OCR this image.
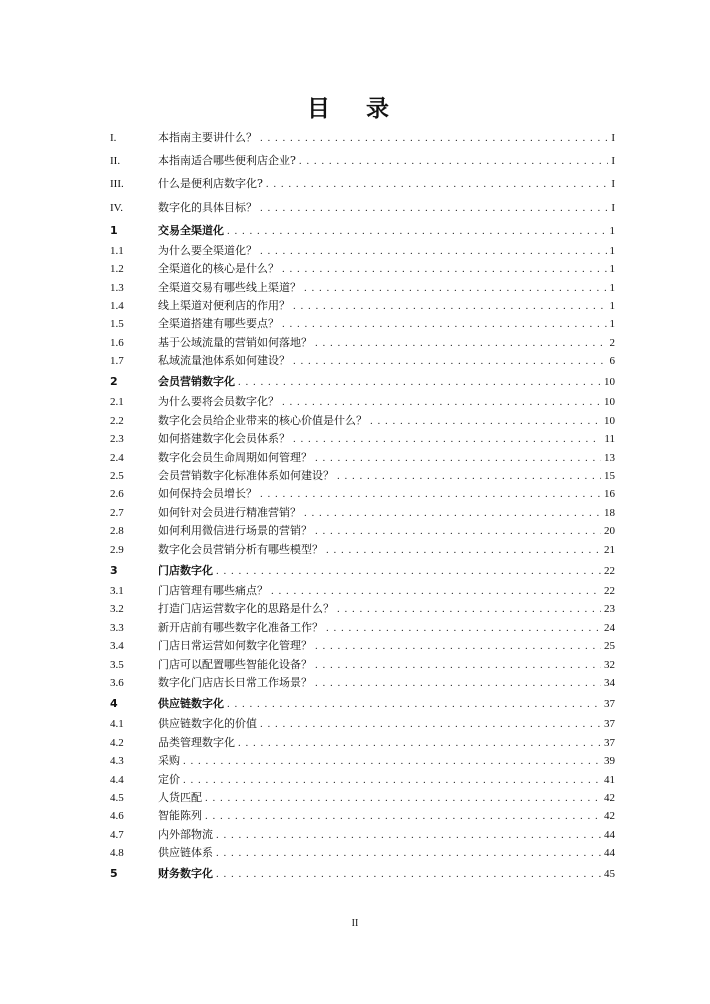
目 录
I.	本指南主要讲什么？ . . .	I
II.	本指南适合哪些便利店企业? . . .	I
III.	什么是便利店数字化? . . .	I
IV.	数字化的具体目标？ . . .	I
1	交易全渠道化 . . .	1
1.1	为什么要全渠道化？ . . .	1
1.2	全渠道化的核心是什么？ . . .	1
1.3	全渠道交易有哪些线上渠道？ . . .	1
1.4	线上渠道对便利店的作用？ . . .	1
1.5	全渠道搭建有哪些要点？ . . .	1
1.6	基于公域流量的营销如何落地？ . . .	2
1.7	私域流量池体系如何建设？ . . .	6
2	会员营销数字化 . . .	10
2.1	为什么要将会员数字化？ . . .	10
2.2	数字化会员给企业带来的核心价值是什么？ . . .	10
2.3	如何搭建数字化会员体系？ . . .	11
2.4	数字化会员生命周期如何管理？ . . .	13
2.5	会员营销数字化标准体系如何建设？ . . .	15
2.6	如何保持会员增长？ . . .	16
2.7	如何针对会员进行精准营销？ . . .	18
2.8	如何利用微信进行场景的营销？ . . .	20
2.9	数字化会员营销分析有哪些模型？ . . .	21
3	门店数字化 . . .	22
3.1	门店管理有哪些痛点？ . . .	22
3.2	打造门店运营数字化的思路是什么？ . . .	23
3.3	新开店前有哪些数字化准备工作？ . . .	24
3.4	门店日常运营如何数字化管理？ . . .	25
3.5	门店可以配置哪些智能化设备？ . . .	32
3.6	数字化门店店长日常工作场景？ . . .	34
4	供应链数字化 . . .	37
4.1	供应链数字化的价值 . . .	37
4.2	品类管理数字化 . . .	37
4.3	采购 . . .	39
4.4	定价 . . .	41
4.5	人货匹配 . . .	42
4.6	智能陈列 . . .	42
4.7	内外部物流 . . .	44
4.8	供应链体系 . . .	44
5	财务数字化 . . .	45
II
